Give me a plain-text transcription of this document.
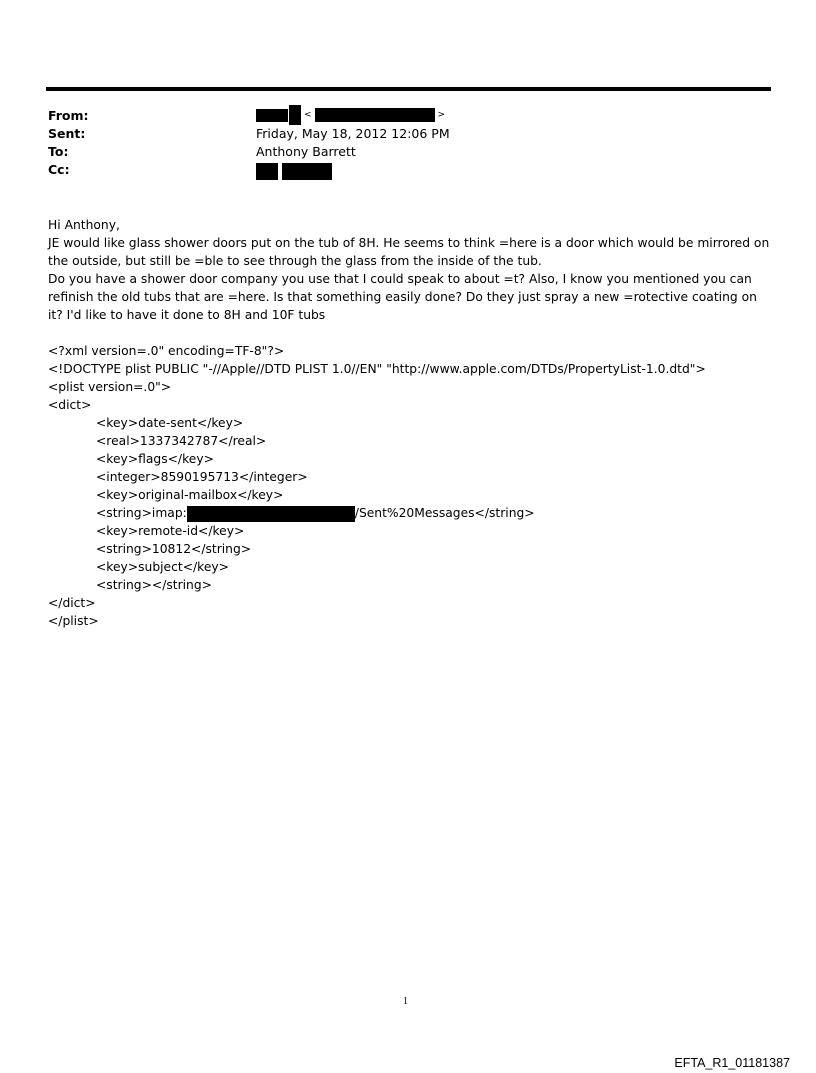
From:	<	>
Sent:	Friday, May 18, 2012 12:06 PM
To:	Anthony Barrett
Cc:

Hi Anthony,

JE would like glass shower doors put on the tub of 8H. He seems to think =here is a door which would be mirrored on the outside, but still be =ble to see through the glass from the inside of the tub.

Do you have a shower door company you use that I could speak to about =t? Also, I know you mentioned you can refinish the old tubs that are =here. Is that something easily done? Do they just spray a new =rotective coating on it? I'd like to have it done to 8H and 10F tubs

<?xml version=.0" encoding=TF-8"?>
<!DOCTYPE plist PUBLIC "-//Apple//DTD PLIST 1.0//EN" "http://www.apple.com/DTDs/PropertyList-1.0.dtd">
<plist version=.0">
<dict>
<key>date-sent</key>
<real>1337342787</real>
<key>flags</key>
<integer>8590195713</integer>
<key>original-mailbox</key>
<string>imap:	/Sent%20Messages</string>
<key>remote-id</key>
<string>10812</string>
<key>subject</key>
<string></string>
</dict>
</plist>
1
EFTA_R1_01181387
